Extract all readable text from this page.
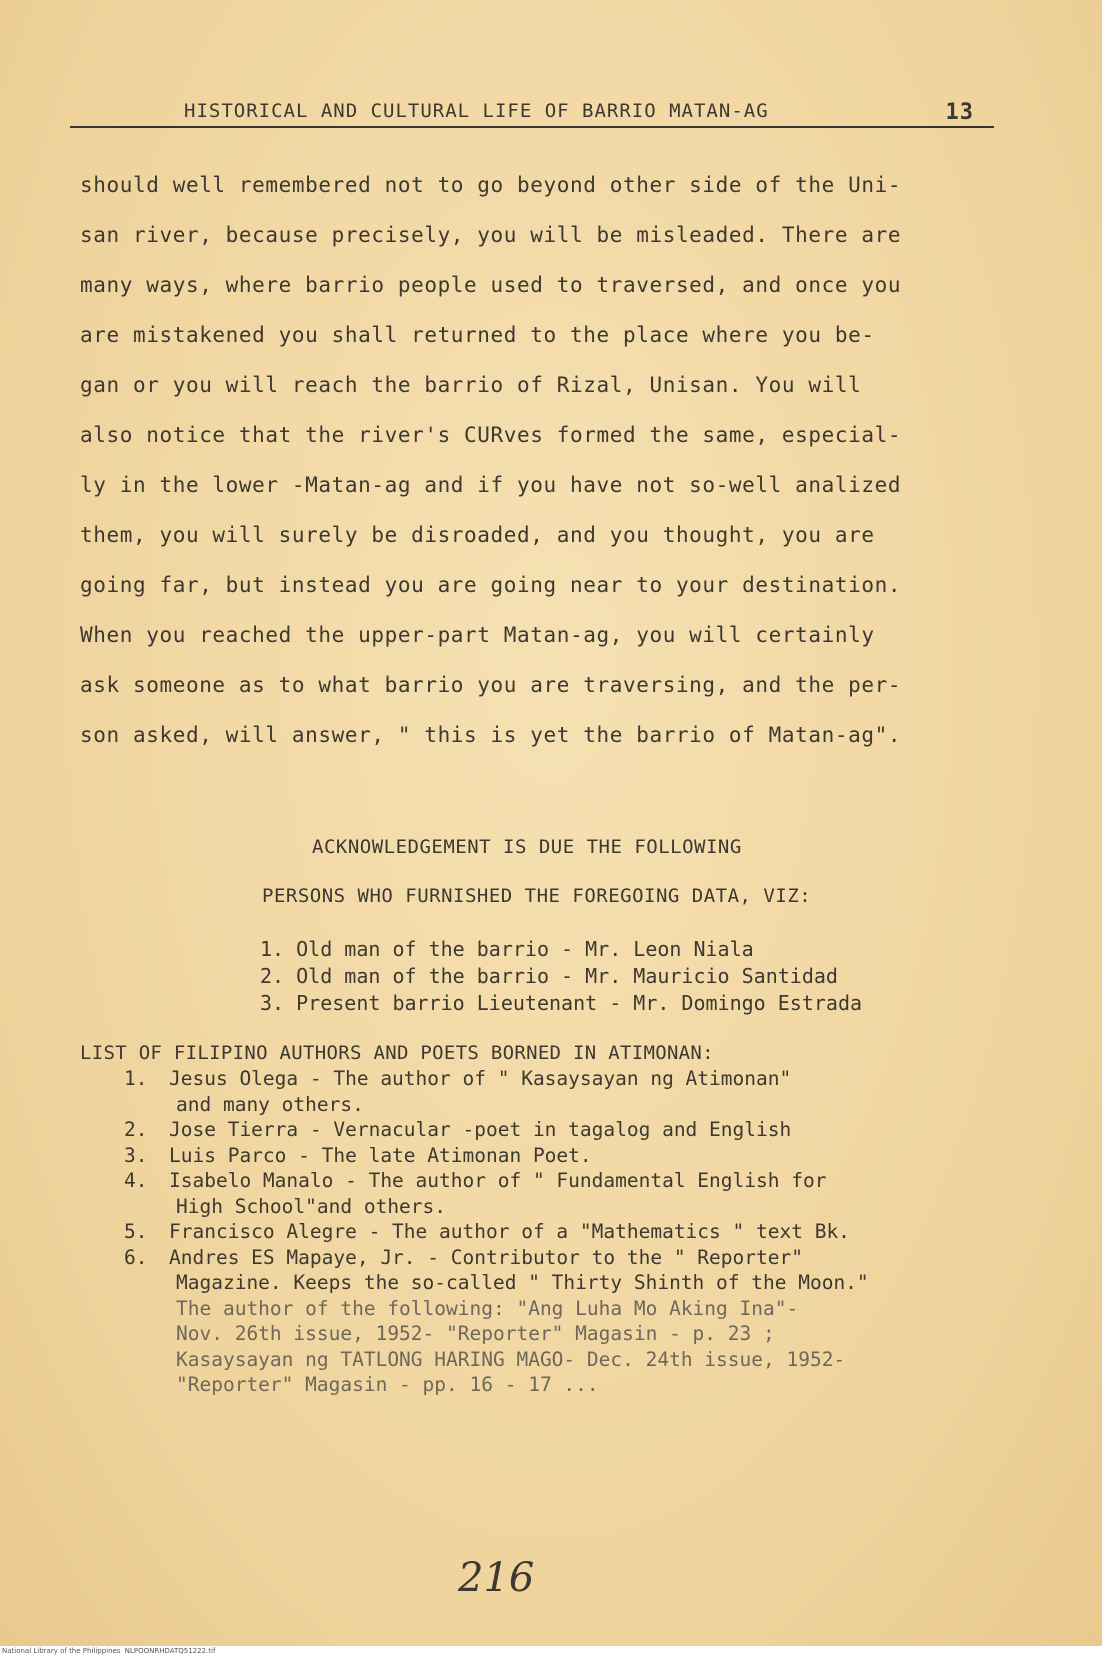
HISTORICAL AND CULTURAL LIFE OF BARRIO MATAN-AG	13
should well remembered not to go beyond other side of the Uni-
san river, because precisely, you will be misleaded. There are
many ways, where barrio people used to traversed, and once you
are mistakened you shall returned to the place where you be-
gan or you will reach the barrio of Rizal, Unisan. You will
also notice that the river's CURves formed the same, especial-
ly in the lower -Matan-ag and if you have not so-well analized
them, you will surely be disroaded, and you thought, you are
going far, but instead you are going near to your destination.
When you reached the upper-part Matan-ag, you will certainly
ask someone as to what barrio you are traversing, and the per-
son asked, will answer, " this is yet the barrio of Matan-ag".
ACKNOWLEDGEMENT IS DUE THE FOLLOWING
PERSONS WHO FURNISHED THE FOREGOING DATA, VIZ:
1. Old man of the barrio - Mr. Leon Niala
2. Old man of the barrio - Mr. Mauricio Santidad
3. Present barrio Lieutenant - Mr. Domingo Estrada
LIST OF FILIPINO AUTHORS AND POETS BORNED IN ATIMONAN:
1. Jesus Olega - The author of " Kasaysayan ng Atimonan"
and many others.
2. Jose Tierra - Vernacular -poet in tagalog and English
3. Luis Parco - The late Atimonan Poet.
4. Isabelo Manalo - The author of " Fundamental English for
High School"and others.
5. Francisco Alegre - The author of a "Mathematics " text Bk.
6. Andres ES Mapaye, Jr. - Contributor to the " Reporter"
Magazine. Keeps the so-called " Thirty Shinth of the Moon."
The author of the following: "Ang Luha Mo Aking Ina"-
Nov. 26th issue, 1952- "Reporter" Magasin - p. 23 ;
Kasaysayan ng TATLONG HARING MAGO- Dec. 24th issue, 1952-
"Reporter" Magasin - pp. 16 - 17 ...
216
National Library of the Philippines NLPOONRHDATQ51222.tif
